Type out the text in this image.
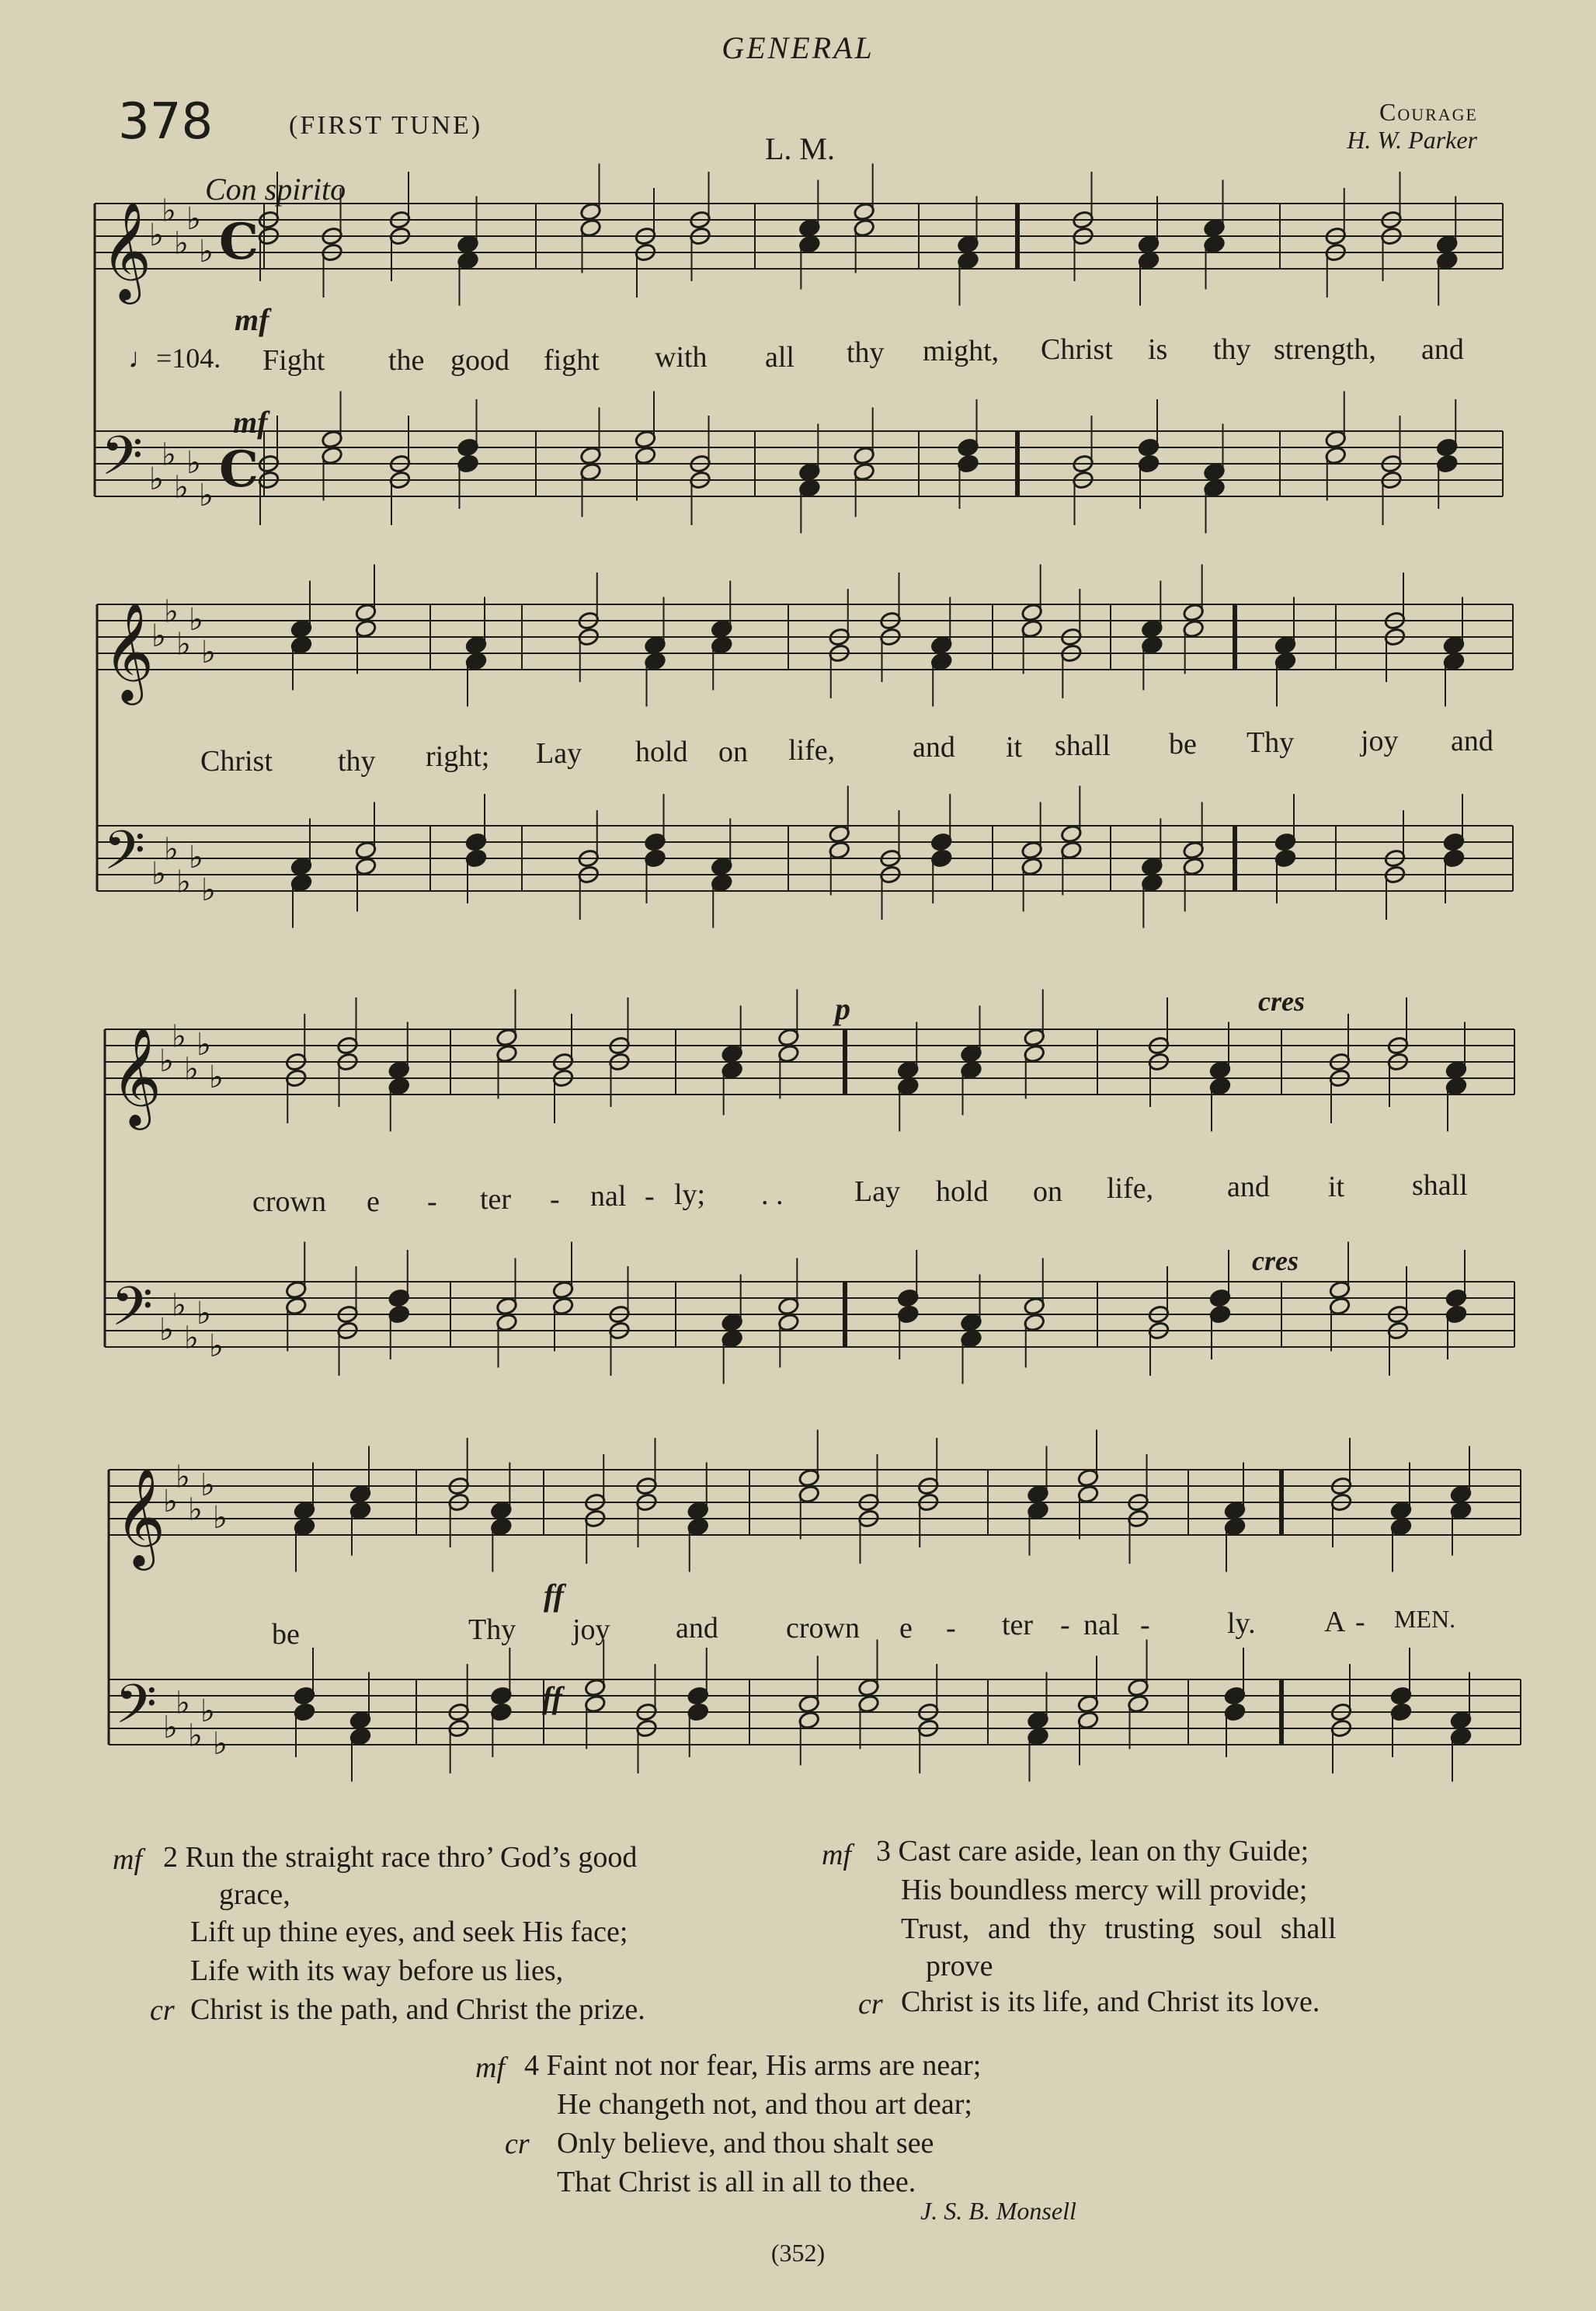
GENERAL
378	(FIRST TUNE)
L. M.
Courage
H. W. Parker
Con spirito
♩=104.
𝄞
𝄢
♭
♭
♭
♭
♭
♭
♭
♭
♭
♭
C
C
𝄞
𝄢
♭
♭
♭
♭
♭
♭
♭
♭
♭
♭
𝄞
𝄢
♭
♭
♭
♭
♭
♭
♭
♭
♭
♭
𝄞
𝄢
♭
♭
♭
♭
♭
♭
♭
♭
♭
♭
mf
mf
p	cres
cres
ff
ff
Fight the good fight with all thy might, Christ is thy strength, and
Christ thy right; Lay hold on life,	and it shall be Thy joy and
crown e - ter - nal - ly; . . Lay hold on life, and it shall
be	Thy joy and crown e - ter - nal -	ly. A - MEN.
mf 2 Run the straight race thro’ God’s good
grace,
Lift up thine eyes, and seek His face;
Life with its way before us lies,
cr Christ is the path, and Christ the prize.
mf 3 Cast care aside, lean on thy Guide;
His boundless mercy will provide;
Trust, and thy trusting soul shall
prove
cr Christ is its life, and Christ its love.
mf 4 Faint not nor fear, His arms are near;
He changeth not, and thou art dear;
cr Only believe, and thou shalt see
That Christ is all in all to thee.
J. S. B. Monsell
(352)
